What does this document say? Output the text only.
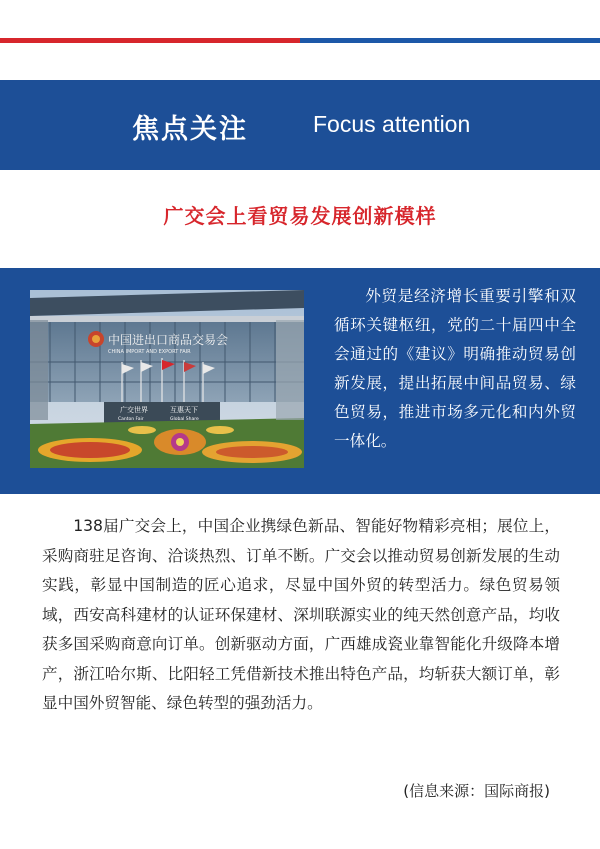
焦点关注	Focus attention
广交会上看贸易发展创新模样
中国进出口商品交易会
CHINA IMPORT AND EXPORT FAIR
广交世界
Canton Fair
互惠天下
Global Share
外贸是经济增长重要引擎和双循环关键枢纽，党的二十届四中全会通过的《建议》明确推动贸易创新发展，提出拓展中间品贸易、绿色贸易，推进市场多元化和内外贸一体化。
138届广交会上，中国企业携绿色新品、智能好物精彩亮相；展位上，采购商驻足咨询、洽谈热烈、订单不断。广交会以推动贸易创新发展的生动实践，彰显中国制造的匠心追求，尽显中国外贸的转型活力。绿色贸易领域，西安高科建材的认证环保建材、深圳联源实业的纯天然创意产品，均收获多国采购商意向订单。创新驱动方面，广西雄成瓷业靠智能化升级降本增产，浙江哈尔斯、比阳轻工凭借新技术推出特色产品，均斩获大额订单，彰显中国外贸智能、绿色转型的强劲活力。
(信息来源：国际商报)
